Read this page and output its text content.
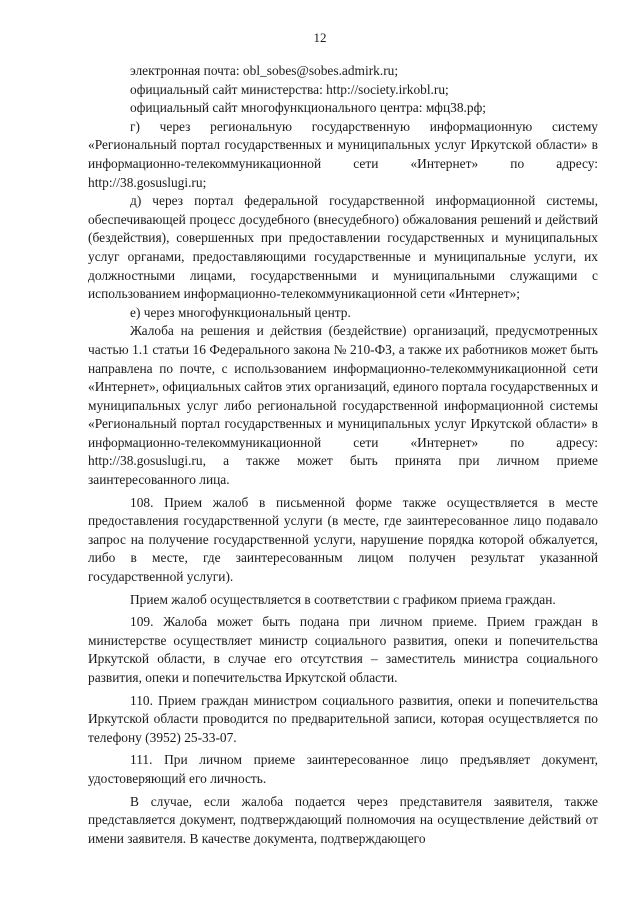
12

электронная почта: obl_sobes@sobes.admirk.ru;

официальный сайт министерства: http://society.irkobl.ru;

официальный сайт многофункционального центра: мфц38.рф;

г) через региональную государственную информационную систему «Региональный портал государственных и муниципальных услуг Иркутской области» в информационно-телекоммуникационной сети «Интернет» по адресу: http://38.gosuslugi.ru;

д) через портал федеральной государственной информационной системы, обеспечивающей процесс досудебного (внесудебного) обжалования решений и действий (бездействия), совершенных при предоставлении государственных и муниципальных услуг органами, предоставляющими государственные и муниципальные услуги, их должностными лицами, государственными и муниципальными служащими с использованием информационно-телекоммуникационной сети «Интернет»;

е) через многофункциональный центр.

Жалоба на решения и действия (бездействие) организаций, предусмотренных частью 1.1 статьи 16 Федерального закона № 210-ФЗ, а также их работников может быть направлена по почте, с использованием информационно-телекоммуникационной сети «Интернет», официальных сайтов этих организаций, единого портала государственных и муниципальных услуг либо региональной государственной информационной системы «Региональный портал государственных и муниципальных услуг Иркутской области» в информационно-телекоммуникационной сети «Интернет» по адресу: http://38.gosuslugi.ru, а также может быть принята при личном приеме заинтересованного лица.

108. Прием жалоб в письменной форме также осуществляется в месте предоставления государственной услуги (в месте, где заинтересованное лицо подавало запрос на получение государственной услуги, нарушение порядка которой обжалуется, либо в месте, где заинтересованным лицом получен результат указанной государственной услуги).

Прием жалоб осуществляется в соответствии с графиком приема граждан.

109. Жалоба может быть подана при личном приеме. Прием граждан в министерстве осуществляет министр социального развития, опеки и попечительства Иркутской области, в случае его отсутствия – заместитель министра социального развития, опеки и попечительства Иркутской области.

110. Прием граждан министром социального развития, опеки и попечительства Иркутской области проводится по предварительной записи, которая осуществляется по телефону (3952) 25-33-07.

111. При личном приеме заинтересованное лицо предъявляет документ, удостоверяющий его личность.

В случае, если жалоба подается через представителя заявителя, также представляется документ, подтверждающий полномочия на осуществление действий от имени заявителя. В качестве документа, подтверждающего
